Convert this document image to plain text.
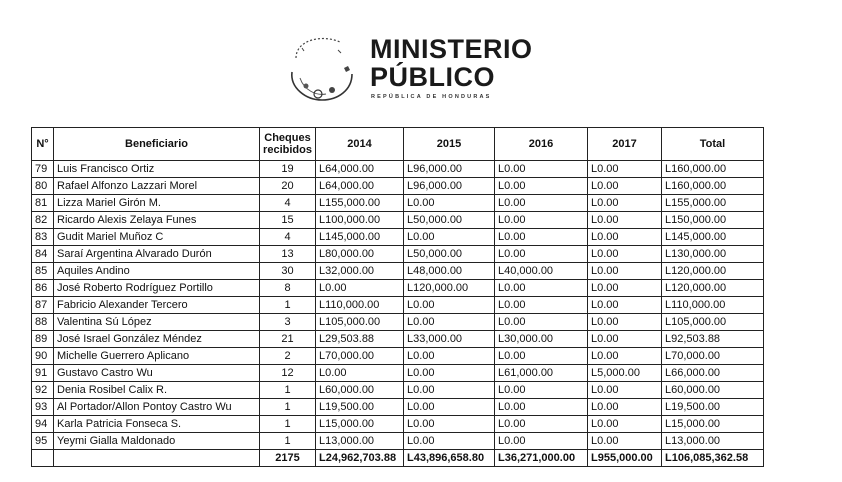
MINISTERIO
PÚBLICO
REPÚBLICA DE HONDURAS
N°	Beneficiario	Cheques recibidos	2014	2015	2016	2017	Total
79	Luis Francisco Ortiz	19	L64,000.00	L96,000.00	L0.00	L0.00	L160,000.00
80	Rafael Alfonzo Lazzari Morel	20	L64,000.00	L96,000.00	L0.00	L0.00	L160,000.00
81	Lizza Mariel Girón M.	4	L155,000.00	L0.00	L0.00	L0.00	L155,000.00
82	Ricardo Alexis Zelaya Funes	15	L100,000.00	L50,000.00	L0.00	L0.00	L150,000.00
83	Gudit Mariel Muñoz C	4	L145,000.00	L0.00	L0.00	L0.00	L145,000.00
84	Saraí Argentina Alvarado Durón	13	L80,000.00	L50,000.00	L0.00	L0.00	L130,000.00
85	Aquiles Andino	30	L32,000.00	L48,000.00	L40,000.00	L0.00	L120,000.00
86	José Roberto Rodríguez Portillo	8	L0.00	L120,000.00	L0.00	L0.00	L120,000.00
87	Fabricio Alexander Tercero	1	L110,000.00	L0.00	L0.00	L0.00	L110,000.00
88	Valentina Sú López	3	L105,000.00	L0.00	L0.00	L0.00	L105,000.00
89	José Israel González Méndez	21	L29,503.88	L33,000.00	L30,000.00	L0.00	L92,503.88
90	Michelle Guerrero Aplicano	2	L70,000.00	L0.00	L0.00	L0.00	L70,000.00
91	Gustavo Castro Wu	12	L0.00	L0.00	L61,000.00	L5,000.00	L66,000.00
92	Denia Rosibel Calix R.	1	L60,000.00	L0.00	L0.00	L0.00	L60,000.00
93	Al Portador/Allon Pontoy Castro Wu	1	L19,500.00	L0.00	L0.00	L0.00	L19,500.00
94	Karla Patricia Fonseca S.	1	L15,000.00	L0.00	L0.00	L0.00	L15,000.00
95	Yeymi Gialla Maldonado	1	L13,000.00	L0.00	L0.00	L0.00	L13,000.00
		2175	L24,962,703.88	L43,896,658.80	L36,271,000.00	L955,000.00	L106,085,362.58
